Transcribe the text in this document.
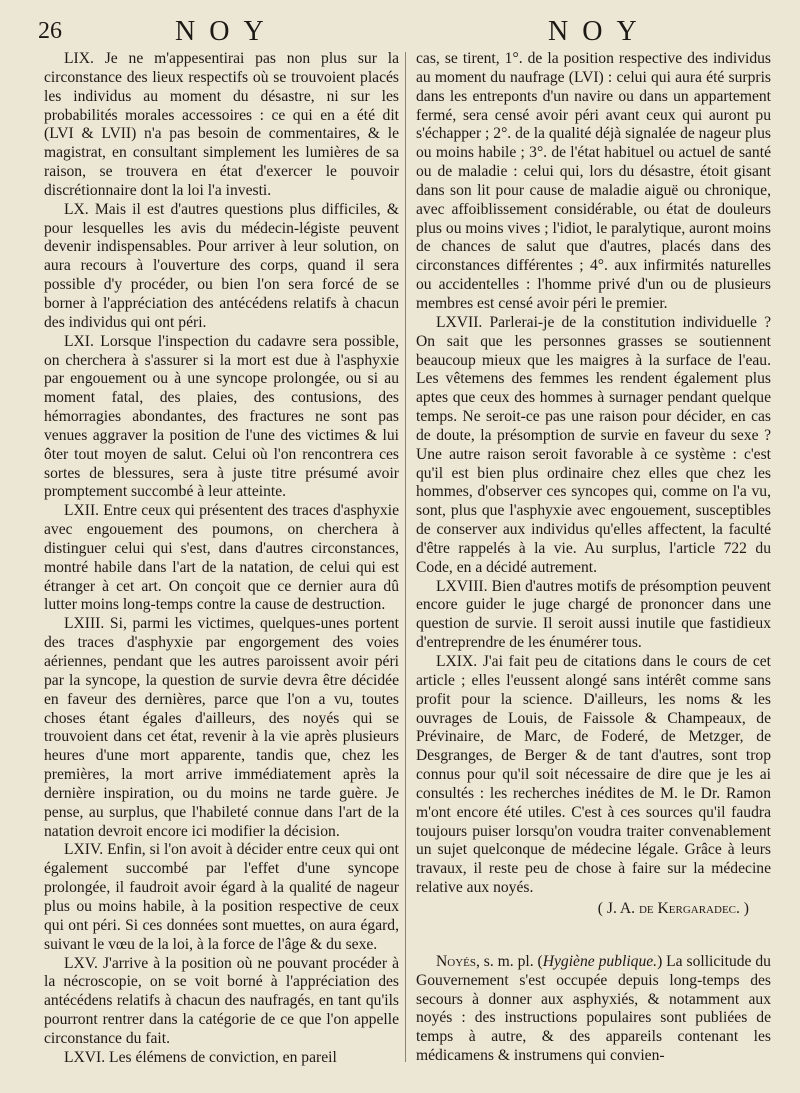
26	NOY	NOY

LIX. Je ne m'appesentirai pas non plus sur la circonstance des lieux respectifs où se trouvoient placés les individus au moment du désastre, ni sur les probabilités morales accessoires : ce qui en a été dit (LVI & LVII) n'a pas besoin de commentaires, & le magistrat, en consultant simplement les lumières de sa raison, se trouvera en état d'exercer le pouvoir discrétionnaire dont la loi l'a investi.

LX. Mais il est d'autres questions plus difficiles, & pour lesquelles les avis du médecin-légiste peuvent devenir indispensables. Pour arriver à leur solution, on aura recours à l'ouverture des corps, quand il sera possible d'y procéder, ou bien l'on sera forcé de se borner à l'appréciation des antécédens relatifs à chacun des individus qui ont péri.

LXI. Lorsque l'inspection du cadavre sera possible, on cherchera à s'assurer si la mort est due à l'asphyxie par engouement ou à une syncope prolongée, ou si au moment fatal, des plaies, des contusions, des hémorragies abondantes, des fractures ne sont pas venues aggraver la position de l'une des victimes & lui ôter tout moyen de salut. Celui où l'on rencontrera ces sortes de blessures, sera à juste titre présumé avoir promptement succombé à leur atteinte.

LXII. Entre ceux qui présentent des traces d'asphyxie avec engouement des poumons, on cherchera à distinguer celui qui s'est, dans d'autres circonstances, montré habile dans l'art de la natation, de celui qui est étranger à cet art. On conçoit que ce dernier aura dû lutter moins long-temps contre la cause de destruction.

LXIII. Si, parmi les victimes, quelques-unes portent des traces d'asphyxie par engorgement des voies aériennes, pendant que les autres paroissent avoir péri par la syncope, la question de survie devra être décidée en faveur des dernières, parce que l'on a vu, toutes choses étant égales d'ailleurs, des noyés qui se trouvoient dans cet état, revenir à la vie après plusieurs heures d'une mort apparente, tandis que, chez les premières, la mort arrive immédiatement après la dernière inspiration, ou du moins ne tarde guère. Je pense, au surplus, que l'habileté connue dans l'art de la natation devroit encore ici modifier la décision.

LXIV. Enfin, si l'on avoit à décider entre ceux qui ont également succombé par l'effet d'une syncope prolongée, il faudroit avoir égard à la qualité de nageur plus ou moins habile, à la position respective de ceux qui ont péri. Si ces données sont muettes, on aura égard, suivant le vœu de la loi, à la force de l'âge & du sexe.

LXV. J'arrive à la position où ne pouvant procéder à la nécroscopie, on se voit borné à l'appréciation des antécédens relatifs à chacun des naufragés, en tant qu'ils pourront rentrer dans la catégorie de ce que l'on appelle circonstance du fait.

LXVI. Les élémens de conviction, en pareil

cas, se tirent, 1°. de la position respective des individus au moment du naufrage (LVI) : celui qui aura été surpris dans les entreponts d'un navire ou dans un appartement fermé, sera censé avoir péri avant ceux qui auront pu s'échapper ; 2°. de la qualité déjà signalée de nageur plus ou moins habile ; 3°. de l'état habituel ou actuel de santé ou de maladie : celui qui, lors du désastre, étoit gisant dans son lit pour cause de maladie aiguë ou chronique, avec affoiblissement considérable, ou état de douleurs plus ou moins vives ; l'idiot, le paralytique, auront moins de chances de salut que d'autres, placés dans des circonstances différentes ; 4°. aux infirmités naturelles ou accidentelles : l'homme privé d'un ou de plusieurs membres est censé avoir péri le premier.

LXVII. Parlerai-je de la constitution individuelle ? On sait que les personnes grasses se soutiennent beaucoup mieux que les maigres à la surface de l'eau. Les vêtemens des femmes les rendent également plus aptes que ceux des hommes à surnager pendant quelque temps. Ne seroit-ce pas une raison pour décider, en cas de doute, la présomption de survie en faveur du sexe ? Une autre raison seroit favorable à ce système : c'est qu'il est bien plus ordinaire chez elles que chez les hommes, d'observer ces syncopes qui, comme on l'a vu, sont, plus que l'asphyxie avec engouement, susceptibles de conserver aux individus qu'elles affectent, la faculté d'être rappelés à la vie. Au surplus, l'article 722 du Code, en a décidé autrement.

LXVIII. Bien d'autres motifs de présomption peuvent encore guider le juge chargé de prononcer dans une question de survie. Il seroit aussi inutile que fastidieux d'entreprendre de les énumérer tous.

LXIX. J'ai fait peu de citations dans le cours de cet article ; elles l'eussent alongé sans intérêt comme sans profit pour la science. D'ailleurs, les noms & les ouvrages de Louis, de Faissole & Champeaux, de Prévinaire, de Marc, de Foderé, de Metzger, de Desgranges, de Berger & de tant d'autres, sont trop connus pour qu'il soit nécessaire de dire que je les ai consultés : les recherches inédites de M. le Dr. Ramon m'ont encore été utiles. C'est à ces sources qu'il faudra toujours puiser lorsqu'on voudra traiter convenablement un sujet quelconque de médecine légale. Grâce à leurs travaux, il reste peu de chose à faire sur la médecine relative aux noyés.

( J. A. de Kergaradec. )

Noyés, s. m. pl. (Hygiène publique.) La sollicitude du Gouvernement s'est occupée depuis long-temps des secours à donner aux asphyxiés, & notamment aux noyés : des instructions populaires sont publiées de temps à autre, & des appareils contenant les médicamens & instrumens qui convien-
